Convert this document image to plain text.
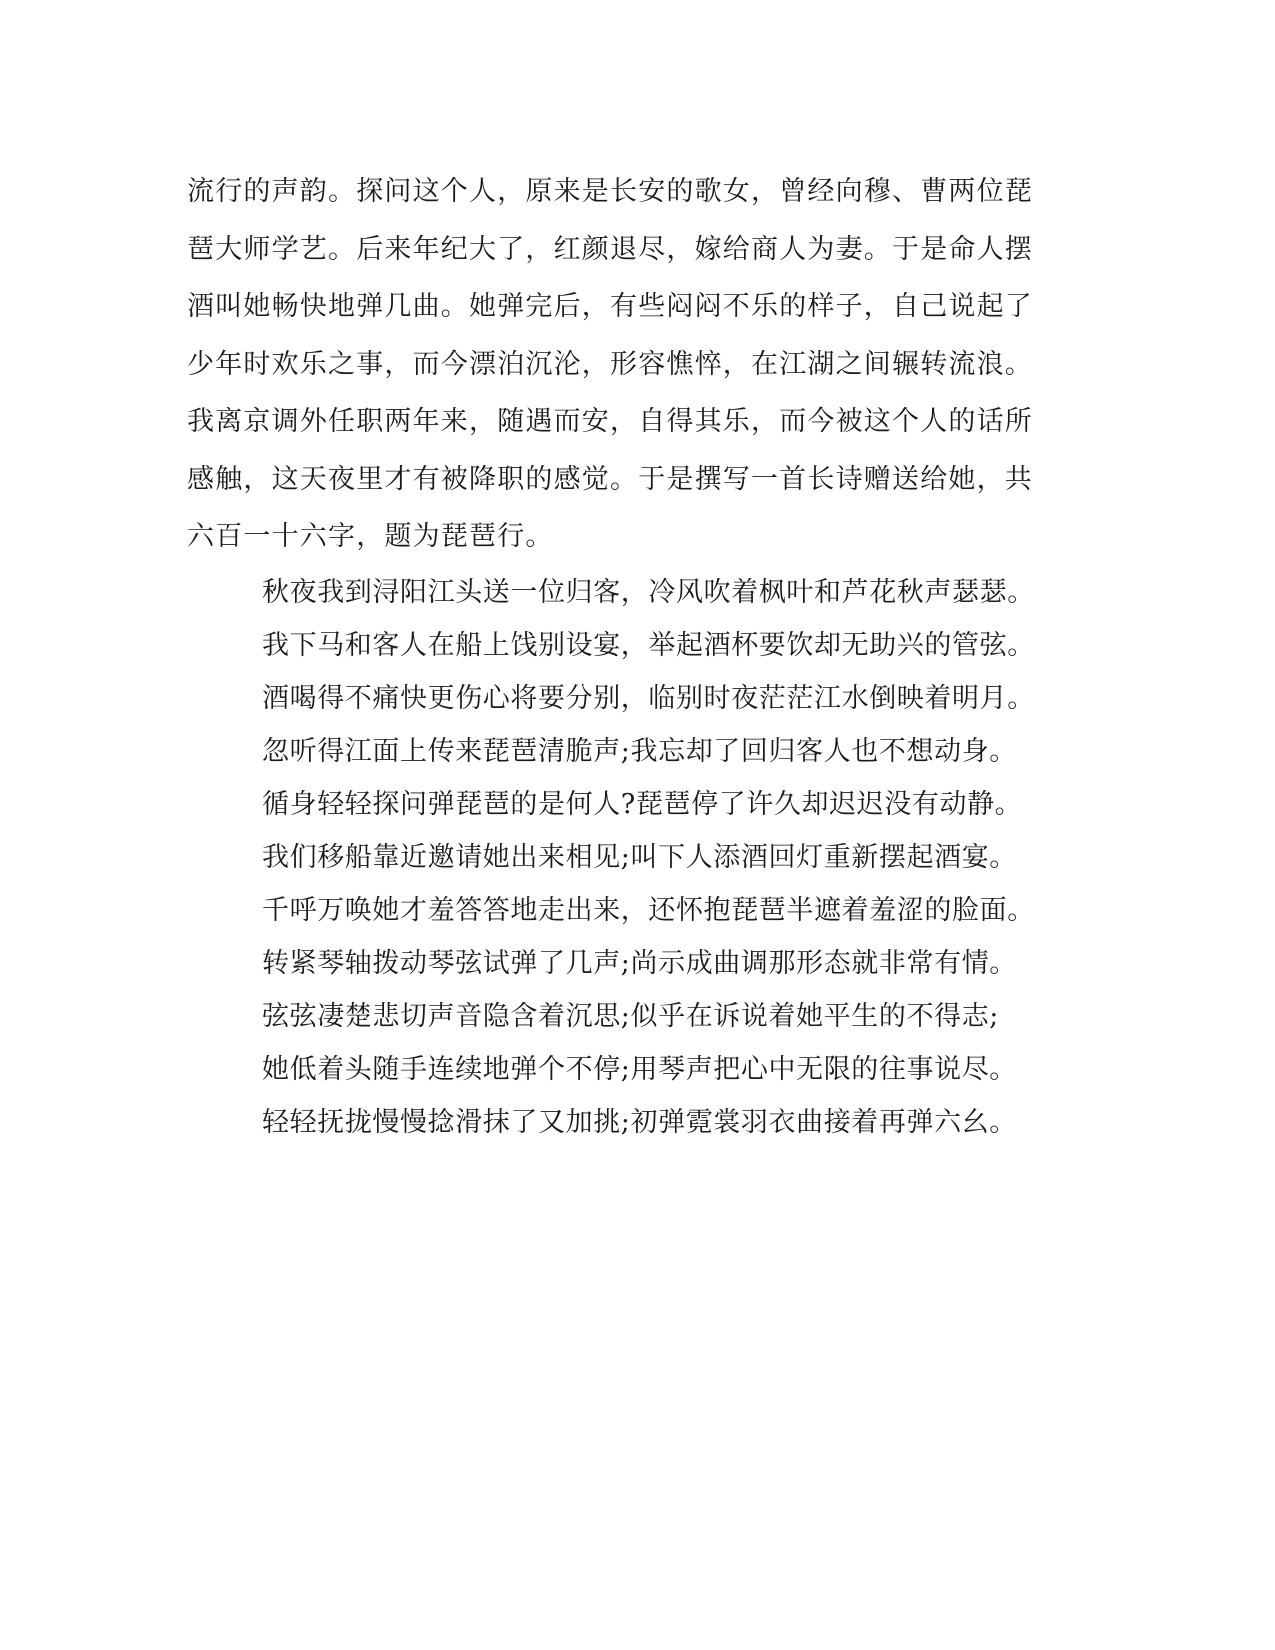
流行的声韵。探问这个人，原来是长安的歌女，曾经向穆、曹两位琵
琶大师学艺。后来年纪大了，红颜退尽，嫁给商人为妻。于是命人摆
酒叫她畅快地弹几曲。她弹完后，有些闷闷不乐的样子，自己说起了
少年时欢乐之事，而今漂泊沉沦，形容憔悴，在江湖之间辗转流浪。
我离京调外任职两年来，随遇而安，自得其乐，而今被这个人的话所
感触，这天夜里才有被降职的感觉。于是撰写一首长诗赠送给她，共
六百一十六字，题为琵琶行。
秋夜我到浔阳江头送一位归客，冷风吹着枫叶和芦花秋声瑟瑟。
我下马和客人在船上饯别设宴，举起酒杯要饮却无助兴的管弦。
酒喝得不痛快更伤心将要分别，临别时夜茫茫江水倒映着明月。
忽听得江面上传来琵琶清脆声;我忘却了回归客人也不想动身。
循身轻轻探问弹琵琶的是何人?琵琶停了许久却迟迟没有动静。
我们移船靠近邀请她出来相见;叫下人添酒回灯重新摆起酒宴。
千呼万唤她才羞答答地走出来，还怀抱琵琶半遮着羞涩的脸面。
转紧琴轴拨动琴弦试弹了几声;尚示成曲调那形态就非常有情。
弦弦凄楚悲切声音隐含着沉思;似乎在诉说着她平生的不得志;
她低着头随手连续地弹个不停;用琴声把心中无限的往事说尽。
轻轻抚拢慢慢捻滑抹了又加挑;初弹霓裳羽衣曲接着再弹六幺。
